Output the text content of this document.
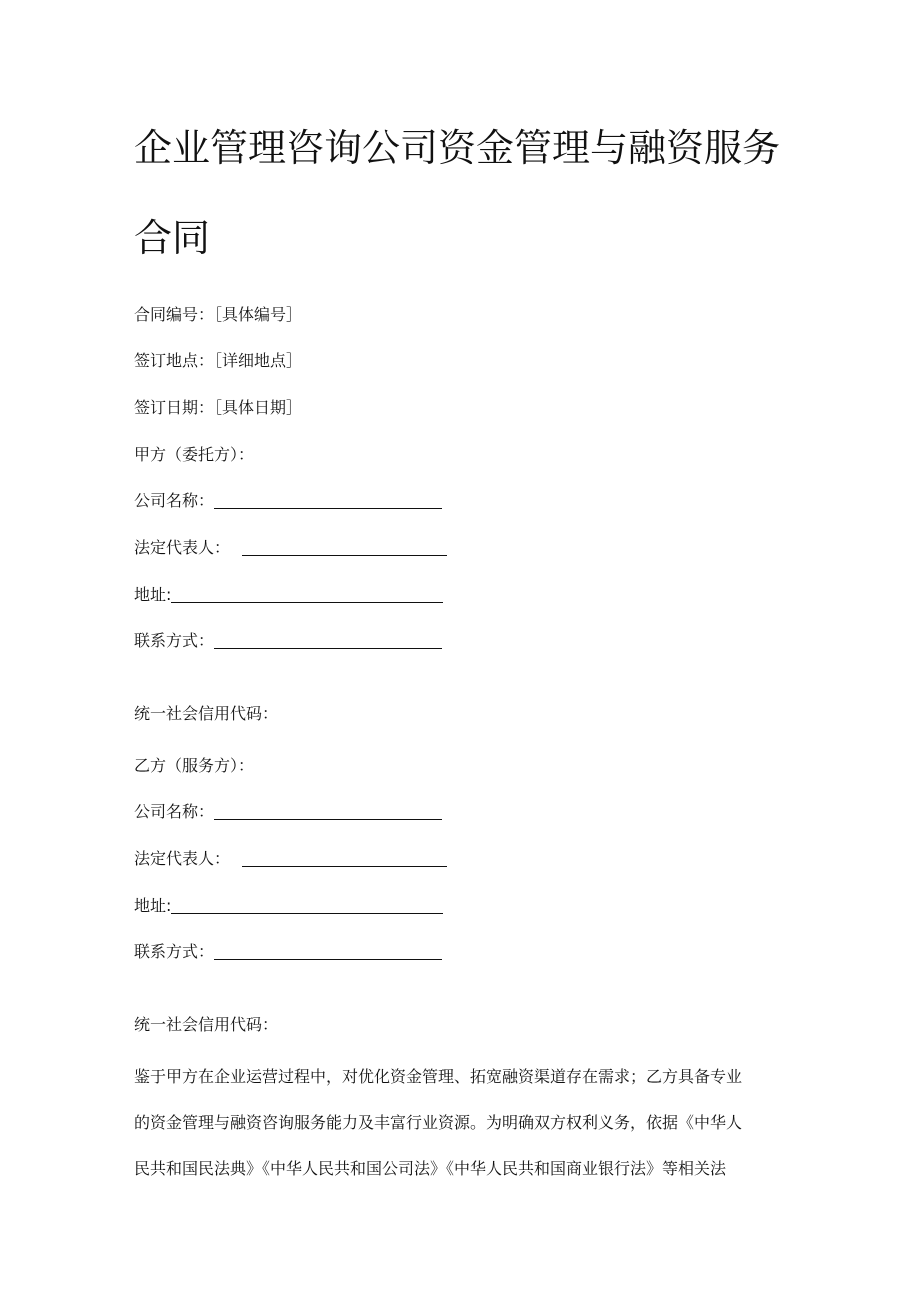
企业管理咨询公司资金管理与融资服务
合同
合同编号：［具体编号］
签订地点：［详细地点］
签订日期：［具体日期］
甲方（委托方）：
公司名称：
法定代表人：
地址:
联系方式：
统一社会信用代码：
乙方（服务方）：
公司名称：
法定代表人：
地址:
联系方式：
统一社会信用代码：
鉴于甲方在企业运营过程中，对优化资金管理、拓宽融资渠道存在需求；乙方具备专业
的资金管理与融资咨询服务能力及丰富行业资源。为明确双方权利义务，依据《中华人
民共和国民法典》《中华人民共和国公司法》《中华人民共和国商业银行法》等相关法
